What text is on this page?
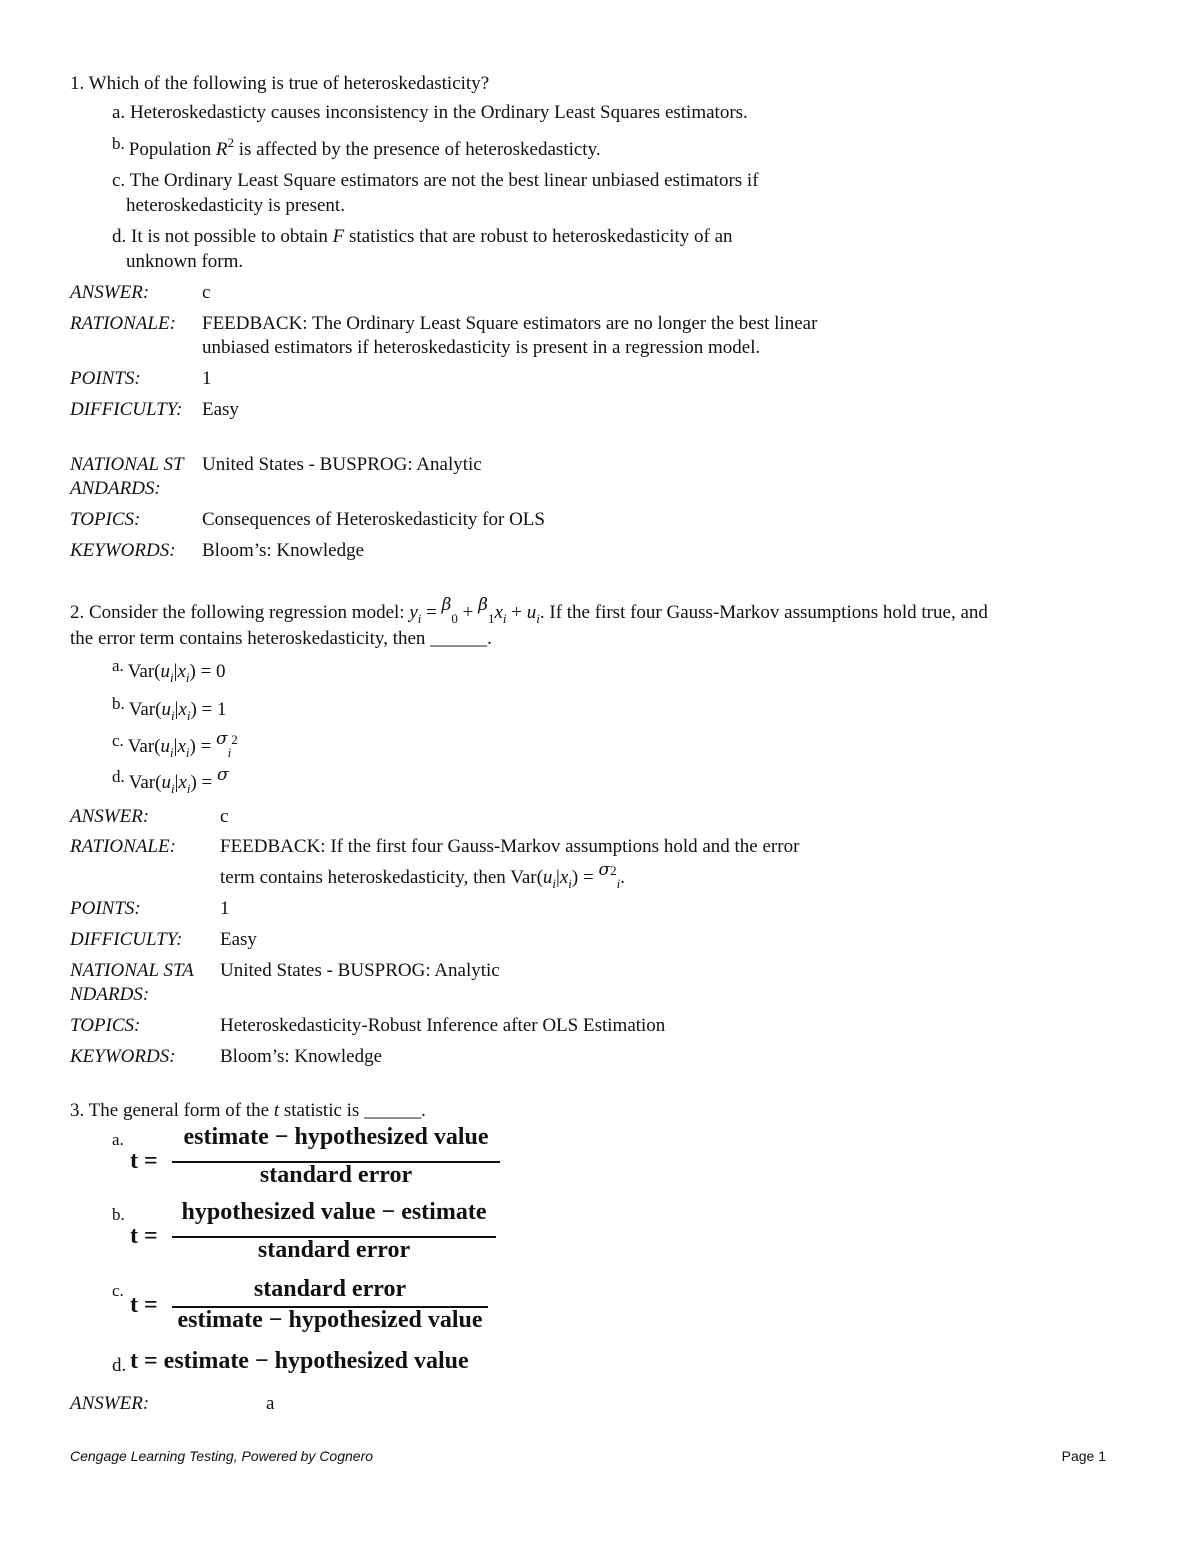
1. Which of the following is true of heteroskedasticity?
a. Heteroskedasticty causes inconsistency in the Ordinary Least Squares estimators.
b. Population $R^2$ is affected by the presence of heteroskedasticty.
c. The Ordinary Least Square estimators are not the best linear unbiased estimators if
heteroskedasticity is present.
d. It is not possible to obtain F statistics that are robust to heteroskedasticity of an
unknown form.
ANSWER:	c
RATIONALE: FEEDBACK: The Ordinary Least Square estimators are no longer the best linear
unbiased estimators if heteroskedasticity is present in a regression model.
POINTS:	1
DIFFICULTY: Easy
NATIONAL ST
ANDARDS:
United States - BUSPROG: Analytic
TOPICS:	Consequences of Heteroskedasticity for OLS
KEYWORDS: Bloom’s: Knowledge
2. Consider the following regression model: $y_i = \beta_0 + \beta_1x_i + u_i$. If the first four Gauss-Markov assumptions hold true, and
the error term contains heteroskedasticity, then ______.
a. $Var(u_i|x_i) = 0$
b. $Var(u_i|x_i) = 1$
c. $Var(u_i|x_i) = \sigma_i^2$
d. $Var(u_i|x_i) = \sigma$
ANSWER:	c
RATIONALE: FEEDBACK: If the first four Gauss-Markov assumptions hold and the error
term contains heteroskedasticity, then $Var(u_i|x_i) = \sigma^2_i$.
POINTS:	1
DIFFICULTY: Easy
NATIONAL STA
NDARDS:
United States - BUSPROG: Analytic
TOPICS:	Heteroskedasticity-Robust Inference after OLS Estimation
KEYWORDS: Bloom’s: Knowledge
3. The general form of the t statistic is ______.
a.
t =
estimate − hypothesized value
standard error
b.
t =
hypothesized value − estimate
standard error
c.
t =
standard error
estimate − hypothesized value
d. t = estimate − hypothesized value
ANSWER:	a
Cengage Learning Testing, Powered by Cognero	Page 1
